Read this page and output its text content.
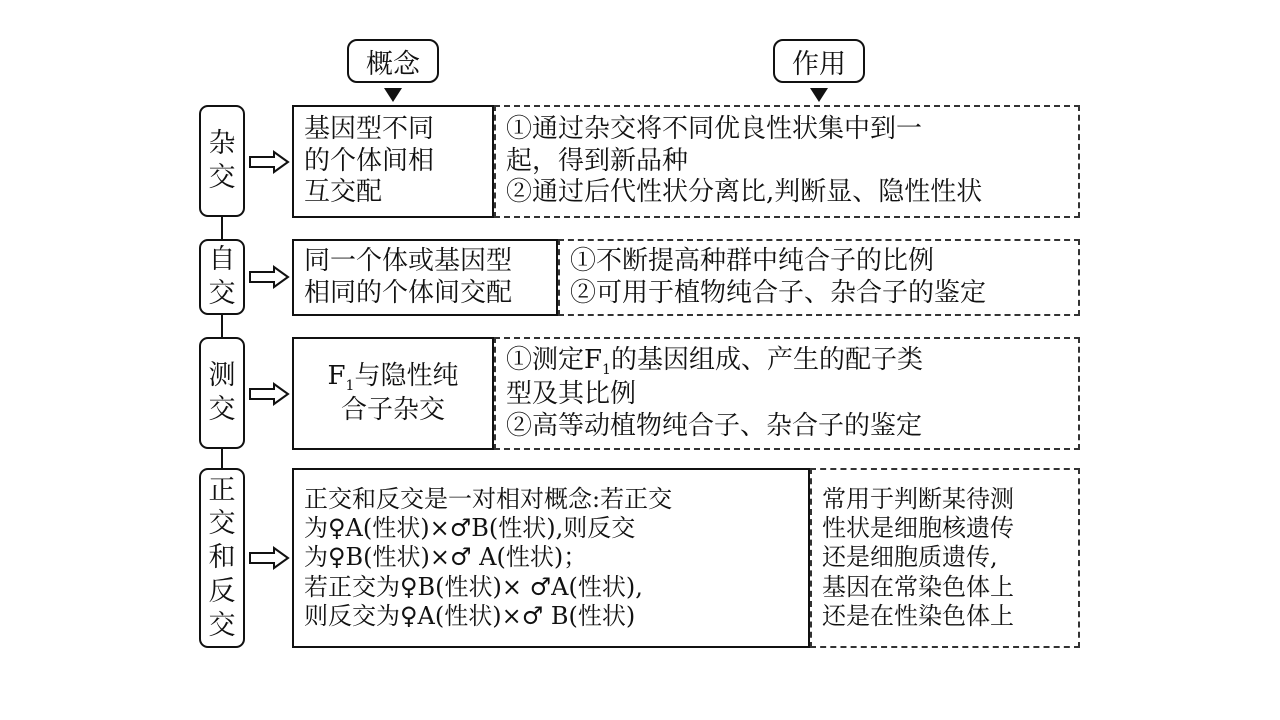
概念	作用
杂
交
基因型不同
的个体间相
互交配
①通过杂交将不同优良性状集中到一
起，得到新品种
②通过后代性状分离比,判断显、隐性性状
自
交
同一个体或基因型
相同的个体间交配
①不断提高种群中纯合子的比例
②可用于植物纯合子、杂合子的鉴定
测
交
$F_1$与隐性纯
合子杂交
①测定$F_1$的基因组成、产生的配子类
型及其比例
②高等动植物纯合子、杂合子的鉴定
正
交
和
反
交
正交和反交是一对相对概念:若正交
为♀A(性状)×♂B(性状),则反交
为♀B(性状)×♂ A(性状)；
若正交为♀B(性状)× ♂A(性状),
则反交为♀A(性状)×♂ B(性状)
常用于判断某待测
性状是细胞核遗传
还是细胞质遗传,
基因在常染色体上
还是在性染色体上
